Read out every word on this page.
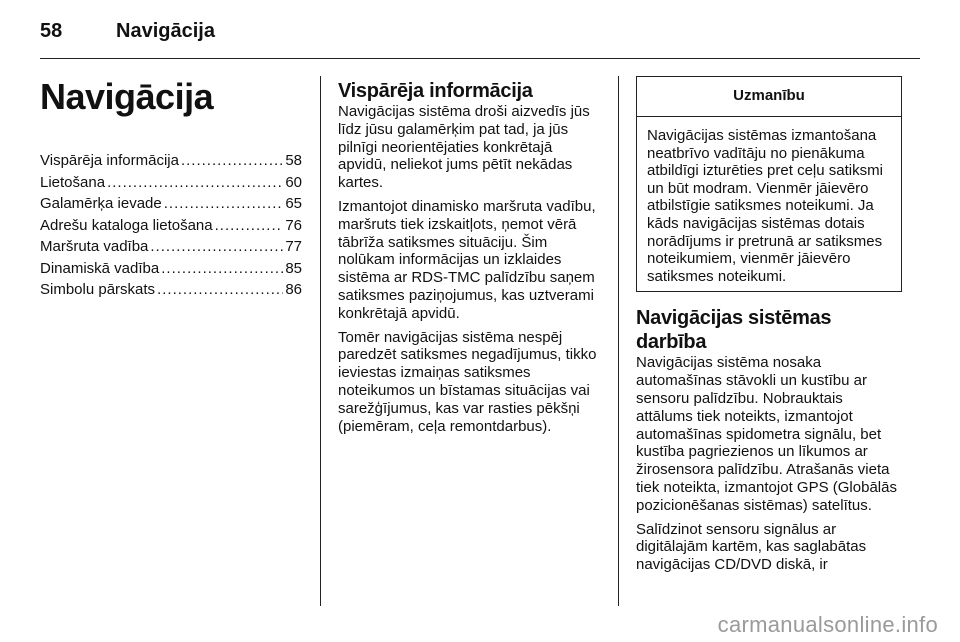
58	Navigācija
Navigācija
Vispārēja informācija .....	58
Lietošana .....	60
Galamērķa ievade .....	65
Adrešu kataloga lietošana .....	76
Maršruta vadība .....	77
Dinamiskā vadība .....	85
Simbolu pārskats .....	86
Vispārēja informācija

Navigācijas sistēma droši aizvedīs jūs līdz jūsu galamērķim pat tad, ja jūs pilnīgi neorientējaties konkrētajā apvidū, neliekot jums pētīt nekādas kartes.

Izmantojot dinamisko maršruta vadību, maršruts tiek izskaitļots, ņemot vērā tābrīža satiksmes situāciju. Šim nolūkam informācijas un izklaides sistēma ar RDS-TMC palīdzību saņem satiksmes paziņojumus, kas uztverami konkrētajā apvidū.

Tomēr navigācijas sistēma nespēj paredzēt satiksmes negadījumus, tikko ieviestas izmaiņas satiksmes noteikumos un bīstamas situācijas vai sarežģījumus, kas var rasties pēkšņi (piemēram, ceļa remontdarbus).

Uzmanību
Navigācijas sistēmas izmantošana neatbrīvo vadītāju no pienākuma atbildīgi izturēties pret ceļu satiksmi un būt modram. Vienmēr jāievēro atbilstīgie satiksmes noteikumi. Ja kāds navigācijas sistēmas dotais norādījums ir pretrunā ar satiksmes noteikumiem, vienmēr jāievēro satiksmes noteikumi.
Navigācijas sistēmas darbība

Navigācijas sistēma nosaka automašīnas stāvokli un kustību ar sensoru palīdzību. Nobrauktais attālums tiek noteikts, izmantojot automašīnas spidometra signālu, bet kustība pagriezienos un līkumos ar žirosensora palīdzību. Atrašanās vieta tiek noteikta, izmantojot GPS (Globālās pozicionēšanas sistēmas) satelītus.

Salīdzinot sensoru signālus ar digitālajām kartēm, kas saglabātas navigācijas CD/DVD diskā, ir

carmanualsonline.info
